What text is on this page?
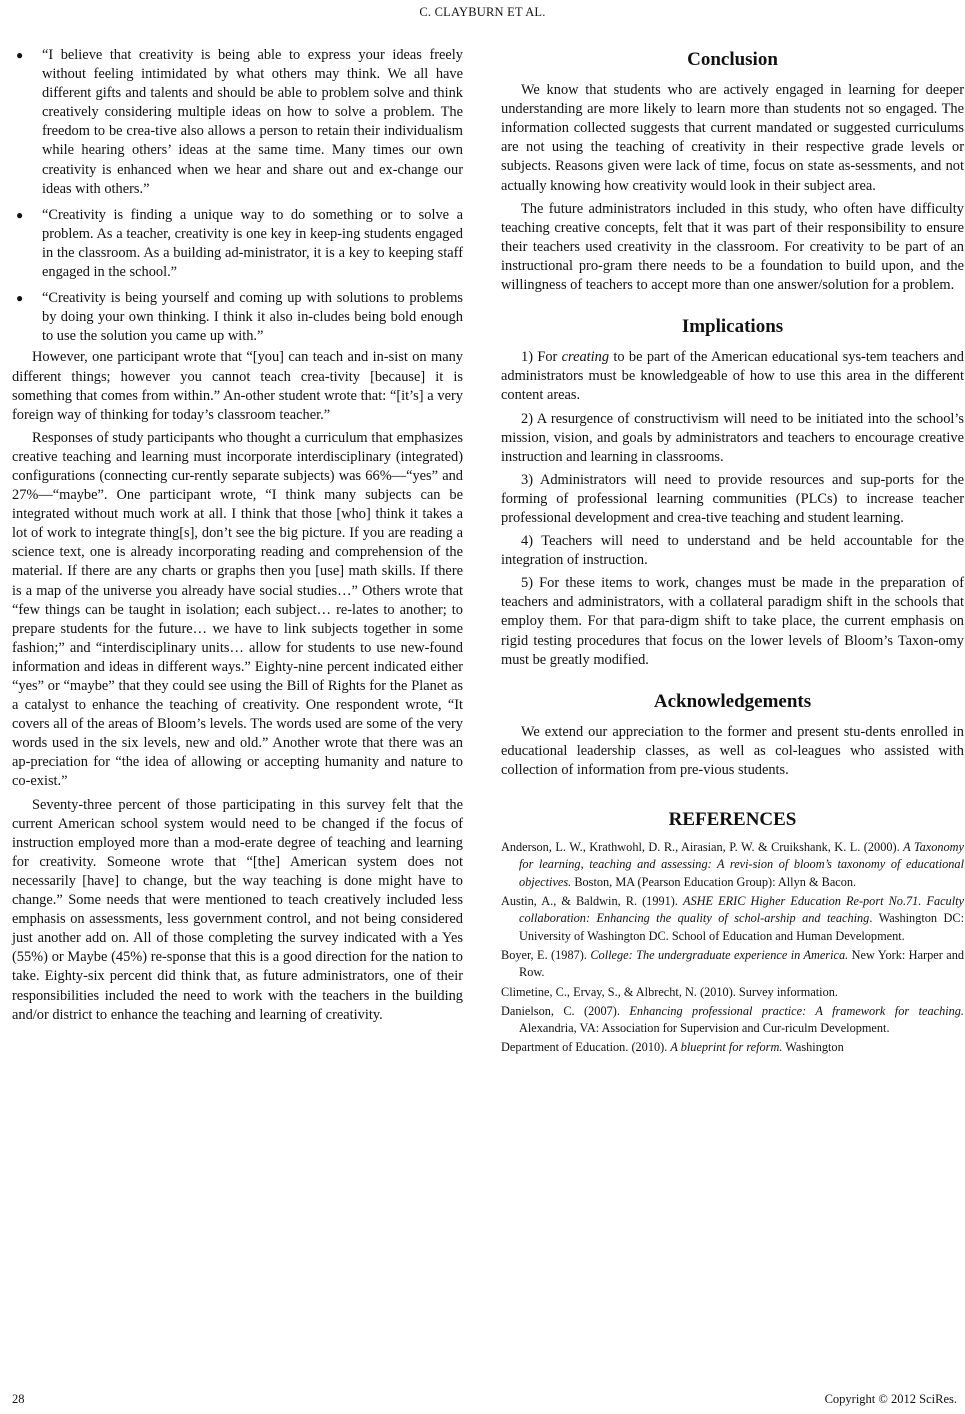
C. CLAYBURN ET AL.
● “I believe that creativity is being able to express your ideas freely without feeling intimidated by what others may think. We all have different gifts and talents and should be able to problem solve and think creatively considering multiple ideas on how to solve a problem. The freedom to be crea-tive also allows a person to retain their individualism while hearing others’ ideas at the same time. Many times our own creativity is enhanced when we hear and share out and ex-change our ideas with others.”
● “Creativity is finding a unique way to do something or to solve a problem. As a teacher, creativity is one key in keep-ing students engaged in the classroom. As a building ad-ministrator, it is a key to keeping staff engaged in the school.”
● “Creativity is being yourself and coming up with solutions to problems by doing your own thinking. I think it also in-cludes being bold enough to use the solution you came up with.”

However, one participant wrote that “[you] can teach and in-sist on many different things; however you cannot teach crea-tivity [because] it is something that comes from within.” An-other student wrote that: “[it’s] a very foreign way of thinking for today’s classroom teacher.”

Responses of study participants who thought a curriculum that emphasizes creative teaching and learning must incorporate interdisciplinary (integrated) configurations (connecting cur-rently separate subjects) was 66%—“yes” and 27%—“maybe”. One participant wrote, “I think many subjects can be integrated without much work at all. I think that those [who] think it takes a lot of work to integrate thing[s], don’t see the big picture. If you are reading a science text, one is already incorporating reading and comprehension of the material. If there are any charts or graphs then you [use] math skills. If there is a map of the universe you already have social studies…” Others wrote that “few things can be taught in isolation; each subject… re-lates to another; to prepare students for the future… we have to link subjects together in some fashion;” and “interdisciplinary units… allow for students to use new-found information and ideas in different ways.” Eighty-nine percent indicated either “yes” or “maybe” that they could see using the Bill of Rights for the Planet as a catalyst to enhance the teaching of creativity. One respondent wrote, “It covers all of the areas of Bloom’s levels. The words used are some of the very words used in the six levels, new and old.” Another wrote that there was an ap-preciation for “the idea of allowing or accepting humanity and nature to co-exist.”

Seventy-three percent of those participating in this survey felt that the current American school system would need to be changed if the focus of instruction employed more than a mod-erate degree of teaching and learning for creativity. Someone wrote that “[the] American system does not necessarily [have] to change, but the way teaching is done might have to change.” Some needs that were mentioned to teach creatively included less emphasis on assessments, less government control, and not being considered just another add on. All of those completing the survey indicated with a Yes (55%) or Maybe (45%) re-sponse that this is a good direction for the nation to take. Eighty-six percent did think that, as future administrators, one of their responsibilities included the need to work with the teachers in the building and/or district to enhance the teaching and learning of creativity.

Conclusion

We know that students who are actively engaged in learning for deeper understanding are more likely to learn more than students not so engaged. The information collected suggests that current mandated or suggested curriculums are not using the teaching of creativity in their respective grade levels or subjects. Reasons given were lack of time, focus on state as-sessments, and not actually knowing how creativity would look in their subject area.

The future administrators included in this study, who often have difficulty teaching creative concepts, felt that it was part of their responsibility to ensure their teachers used creativity in the classroom. For creativity to be part of an instructional pro-gram there needs to be a foundation to build upon, and the willingness of teachers to accept more than one answer/solution for a problem.

Implications

1) For creating to be part of the American educational sys-tem teachers and administrators must be knowledgeable of how to use this area in the different content areas.

2) A resurgence of constructivism will need to be initiated into the school’s mission, vision, and goals by administrators and teachers to encourage creative instruction and learning in classrooms.

3) Administrators will need to provide resources and sup-ports for the forming of professional learning communities (PLCs) to increase teacher professional development and crea-tive teaching and student learning.

4) Teachers will need to understand and be held accountable for the integration of instruction.

5) For these items to work, changes must be made in the preparation of teachers and administrators, with a collateral paradigm shift in the schools that employ them. For that para-digm shift to take place, the current emphasis on rigid testing procedures that focus on the lower levels of Bloom’s Taxon-omy must be greatly modified.

Acknowledgements

We extend our appreciation to the former and present stu-dents enrolled in educational leadership classes, as well as col-leagues who assisted with collection of information from pre-vious students.

REFERENCES
Anderson, L. W., Krathwohl, D. R., Airasian, P. W. & Cruikshank, K. L. (2000). A Taxonomy for learning, teaching and assessing: A revi-sion of bloom’s taxonomy of educational objectives. Boston, MA (Pearson Education Group): Allyn & Bacon.
Austin, A., & Baldwin, R. (1991). ASHE ERIC Higher Education Re-port No.71. Faculty collaboration: Enhancing the quality of schol-arship and teaching. Washington DC: University of Washington DC. School of Education and Human Development.
Boyer, E. (1987). College: The undergraduate experience in America. New York: Harper and Row.
Climetine, C., Ervay, S., & Albrecht, N. (2010). Survey information.
Danielson, C. (2007). Enhancing professional practice: A framework for teaching. Alexandria, VA: Association for Supervision and Cur-riculm Development.
Department of Education. (2010). A blueprint for reform. Washington
28	Copyright © 2012 SciRes.
